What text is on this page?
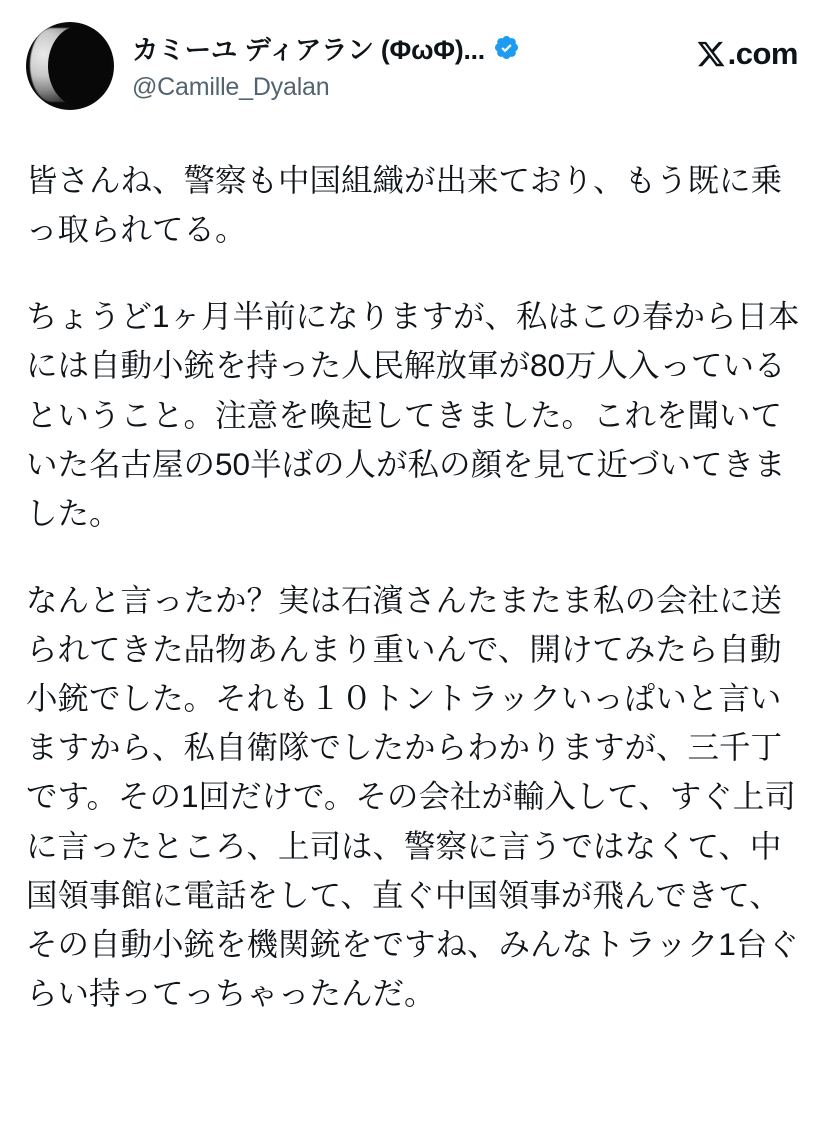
カミーユ ディアラン (ΦωΦ)...
@Camille_Dyalan
.com

皆さんね、警察も中国組織が出来ており、もう既に乗っ取られてる。

ちょうど1ヶ月半前になりますが、私はこの春から日本には自動小銃を持った人民解放軍が80万人入っているということ。注意を喚起してきました。これを聞いていた名古屋の50半ばの人が私の顔を見て近づいてきました。

なんと言ったか？実は石濱さんたまたま私の会社に送られてきた品物あんまり重いんで、開けてみたら自動小銃でした。それも１０トントラックいっぱいと言いますから、私自衛隊でしたからわかりますが、三千丁です。その1回だけで。その会社が輸入して、すぐ上司に言ったところ、上司は、警察に言うではなくて、中国領事館に電話をして、直ぐ中国領事が飛んできて、その自動小銃を機関銃をですね、みんなトラック1台ぐらい持ってっちゃったんだ。
